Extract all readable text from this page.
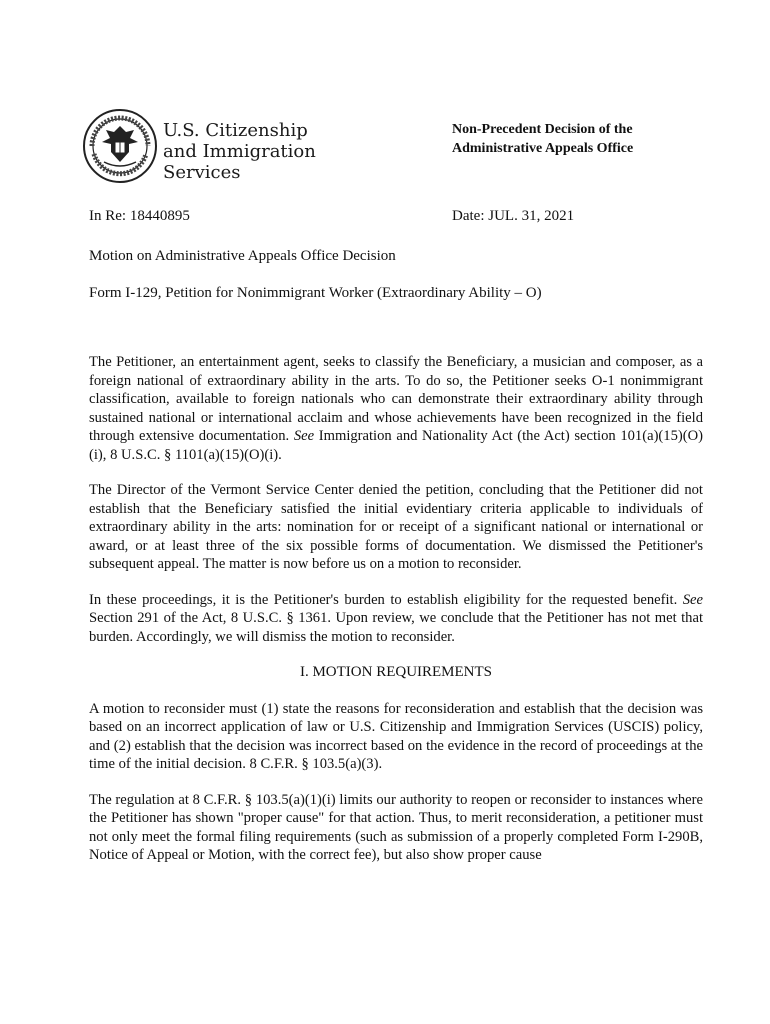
U.S. Citizenship
and Immigration
Services
Non-Precedent Decision of the
Administrative Appeals Office
In Re: 18440895	Date: JUL. 31, 2021
Motion on Administrative Appeals Office Decision
Form I-129, Petition for Nonimmigrant Worker (Extraordinary Ability – O)

The Petitioner, an entertainment agent, seeks to classify the Beneficiary, a musician and composer, as a foreign national of extraordinary ability in the arts. To do so, the Petitioner seeks O-1 nonimmigrant classification, available to foreign nationals who can demonstrate their extraordinary ability through sustained national or international acclaim and whose achievements have been recognized in the field through extensive documentation. See Immigration and Nationality Act (the Act) section 101(a)(15)(O)(i), 8 U.S.C. § 1101(a)(15)(O)(i).

The Director of the Vermont Service Center denied the petition, concluding that the Petitioner did not establish that the Beneficiary satisfied the initial evidentiary criteria applicable to individuals of extraordinary ability in the arts: nomination for or receipt of a significant national or international or award, or at least three of the six possible forms of documentation. We dismissed the Petitioner's subsequent appeal. The matter is now before us on a motion to reconsider.

In these proceedings, it is the Petitioner's burden to establish eligibility for the requested benefit. See Section 291 of the Act, 8 U.S.C. § 1361. Upon review, we conclude that the Petitioner has not met that burden. Accordingly, we will dismiss the motion to reconsider.

I. MOTION REQUIREMENTS

A motion to reconsider must (1) state the reasons for reconsideration and establish that the decision was based on an incorrect application of law or U.S. Citizenship and Immigration Services (USCIS) policy, and (2) establish that the decision was incorrect based on the evidence in the record of proceedings at the time of the initial decision. 8 C.F.R. § 103.5(a)(3).

The regulation at 8 C.F.R. § 103.5(a)(1)(i) limits our authority to reopen or reconsider to instances where the Petitioner has shown "proper cause" for that action. Thus, to merit reconsideration, a petitioner must not only meet the formal filing requirements (such as submission of a properly completed Form I-290B, Notice of Appeal or Motion, with the correct fee), but also show proper cause
